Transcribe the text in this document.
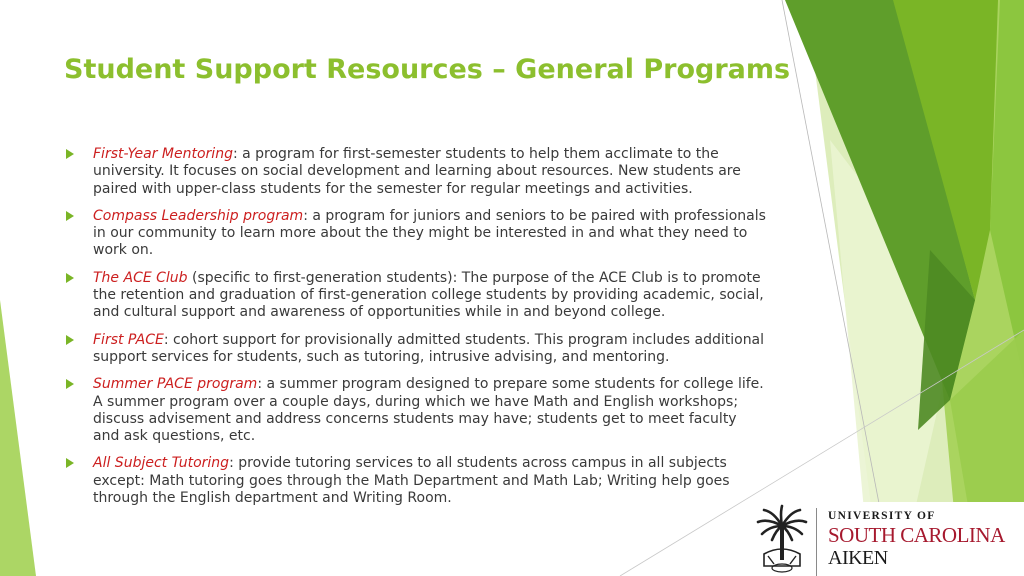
Student Support Resources – General Programs
First-Year Mentoring: a program for first-semester students to help them acclimate to the university. It focuses on social development and learning about resources. New students are paired with upper-class students for the semester for regular meetings and activities.
Compass Leadership program: a program for juniors and seniors to be paired with professionals in our community to learn more about the they might be interested in and what they need to work on.
The ACE Club (specific to first-generation students): The purpose of the ACE Club is to promote the retention and graduation of first-generation college students by providing academic, social, and cultural support and awareness of opportunities while in and beyond college.
First PACE: cohort support for provisionally admitted students. This program includes additional support services for students, such as tutoring, intrusive advising, and mentoring.
Summer PACE program: a summer program designed to prepare some students for college life. A summer program over a couple days, during which we have Math and English workshops; discuss advisement and address concerns students may have; students get to meet faculty and ask questions, etc.
All Subject Tutoring: provide tutoring services to all students across campus in all subjects except: Math tutoring goes through the Math Department and Math Lab; Writing help goes through the English department and Writing Room.
UNIVERSITY OF
SOUTH CAROLINA
AIKEN
